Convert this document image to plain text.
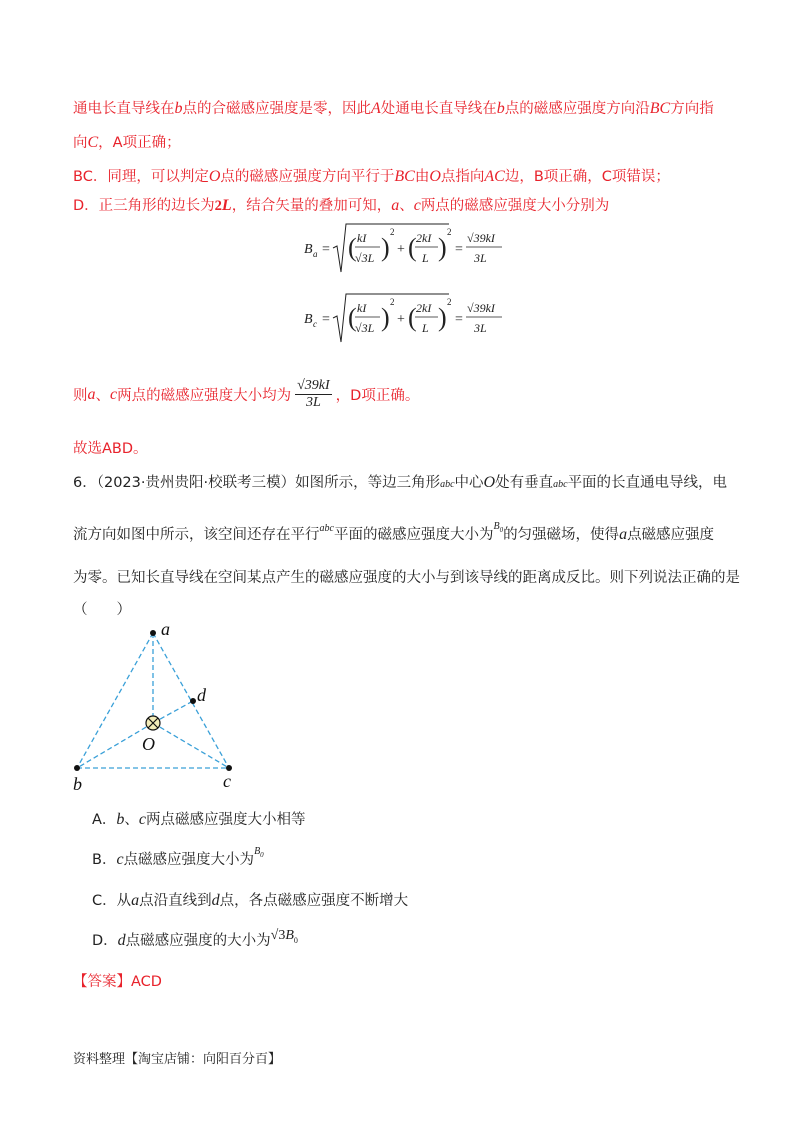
通电长直导线在b点的合磁感应强度是零，因此A处通电长直导线在b点的磁感应强度方向沿BC方向指
向C，A项正确；
BC．同理，可以判定O点的磁感应强度方向平行于BC由O点指向AC边，B项正确，C项错误；
D．正三角形的边长为2L，结合矢量的叠加可知，a、c两点的磁感应强度大小分别为
B a = ( kI
√3L )
2
+ ( 2kI
L )
2
=
√39kI
3L
B c = ( kI
√3L )
2
+ ( 2kI
L )
2
=
√39kI
3L
则 a 、 c 两点的磁感应强度大小均为 $\frac{√39kI}{3L}$ ，D项正确。
故选ABD。
6．（2023·贵州贵阳·校联考三模）如图所示，等边三角形abc中心O处有垂直abc平面的长直通电导线，电
流方向如图中所示，该空间还存在平行$^{abc}$平面的磁感应强度大小为$^{B_0}$的匀强磁场，使得a点磁感应强度
为零。已知长直导线在空间某点产生的磁感应强度的大小与到该导线的距离成反比。则下列说法正确的是
（　　）
a
b	c
d
O
A．b、c两点磁感应强度大小相等
B．c点磁感应强度大小为$^{B_0}$
C．从a点沿直线到d点，各点磁感应强度不断增大
D．d点磁感应强度的大小为$√3B_0$
【答案】ACD
资料整理【淘宝店铺：向阳百分百】
